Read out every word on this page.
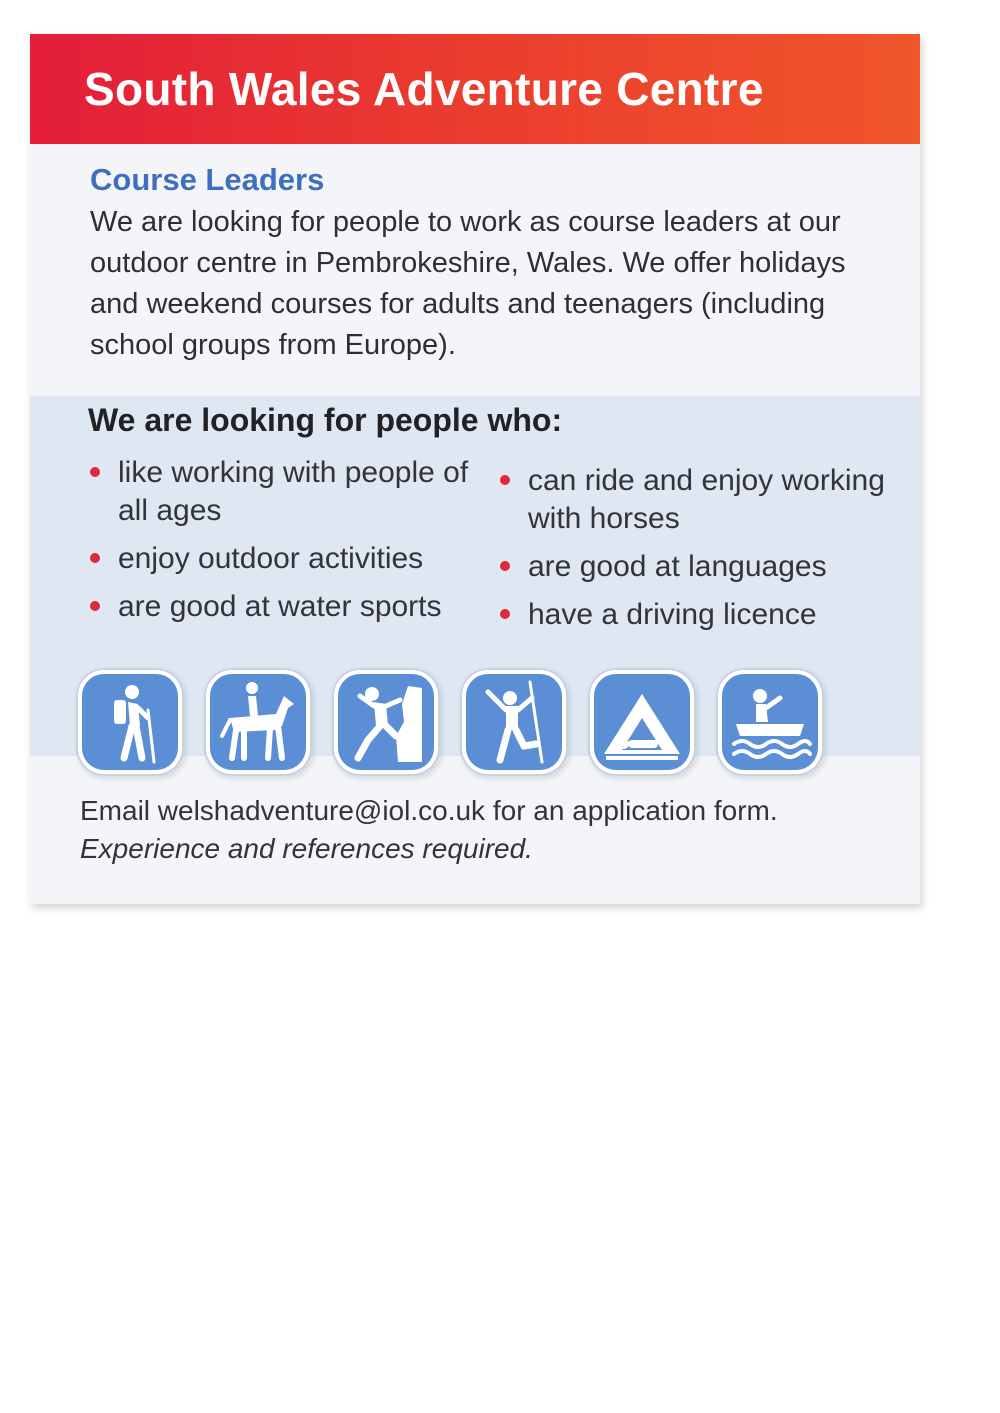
South Wales Adventure Centre
Course Leaders

We are looking for people to work as course leaders at our outdoor centre in Pembrokeshire, Wales. We offer holidays and weekend courses for adults and teenagers (including school groups from Europe).

We are looking for people who:
like working with people of all ages
enjoy outdoor activities
are good at water sports
can ride and enjoy working with horses
are good at languages
have a driving licence

Email welshadventure@iol.co.uk for an application form.

Experience and references required.
